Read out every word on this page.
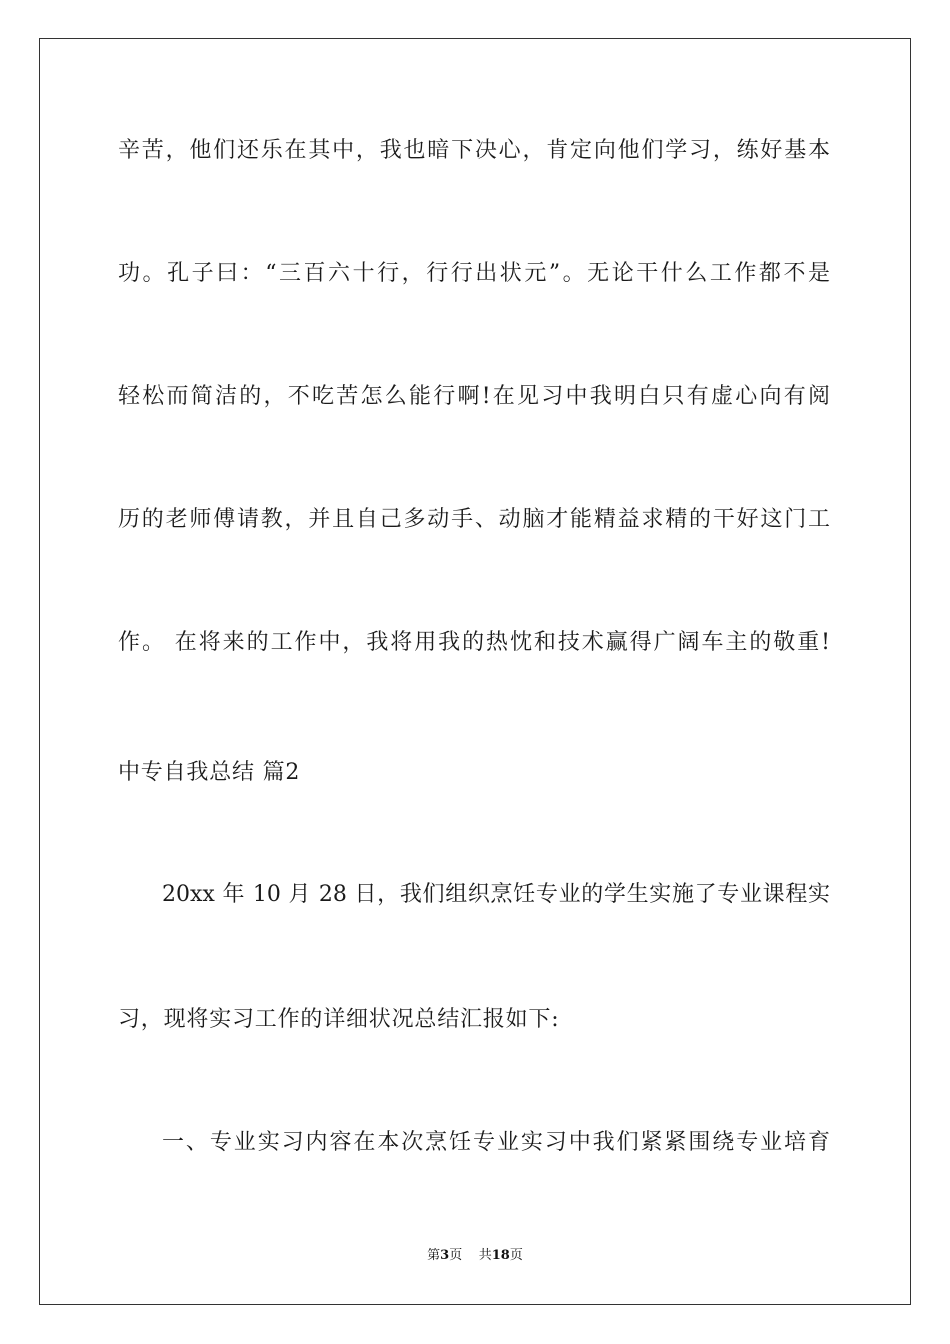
辛苦，他们还乐在其中，我也暗下决心，肯定向他们学习，练好基本
功。孔子曰：“三百六十行，行行出状元”。无论干什么工作都不是
轻松而简洁的，不吃苦怎么能行啊!在见习中我明白只有虚心向有阅
历的老师傅请教，并且自己多动手、动脑才能精益求精的干好这门工
作。 在将来的工作中，我将用我的热忱和技术赢得广阔车主的敬重!
中专自我总结 篇2
20xx 年 10 月 28 日，我们组织烹饪专业的学生实施了专业课程实
习，现将实习工作的详细状况总结汇报如下:
一、专业实习内容在本次烹饪专业实习中我们紧紧围绕专业培育
第3页 共18页
